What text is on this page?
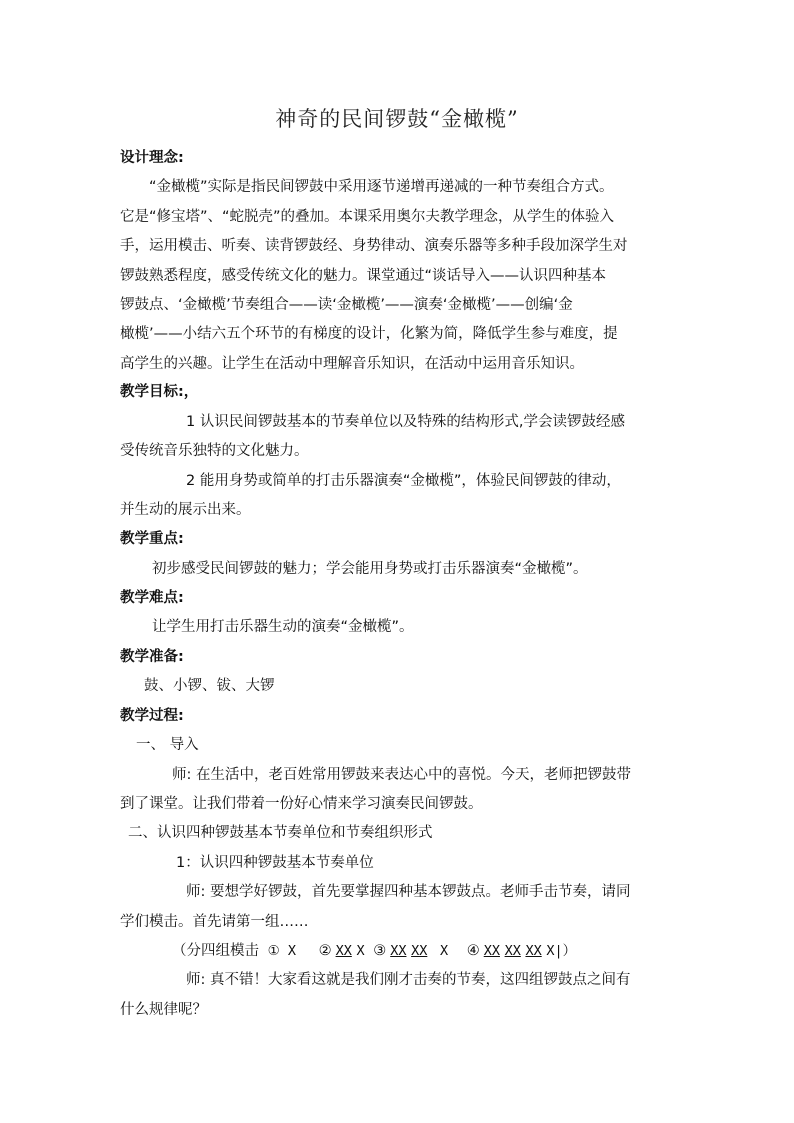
神奇的民间锣鼓“金橄榄”
设计理念:
“金橄榄”实际是指民间锣鼓中采用逐节递增再递减的一种节奏组合方式。
它是“修宝塔”、“蛇脱壳”的叠加。本课采用奥尔夫教学理念，从学生的体验入
手，运用模击、听奏、读背锣鼓经、身势律动、演奏乐器等多种手段加深学生对
锣鼓熟悉程度，感受传统文化的魅力。课堂通过“谈话导入——认识四种基本
锣鼓点、‘金橄榄’节奏组合——读‘金橄榄’——演奏‘金橄榄’——创编‘金
橄榄’——小结六五个环节的有梯度的设计，化繁为简，降低学生参与难度，提
高学生的兴趣。让学生在活动中理解音乐知识，在活动中运用音乐知识。
教学目标:，
1 认识民间锣鼓基本的节奏单位以及特殊的结构形式,学会读锣鼓经感
受传统音乐独特的文化魅力。
2 能用身势或简单的打击乐器演奏“金橄榄”，体验民间锣鼓的律动，
并生动的展示出来。
教学重点:
初步感受民间锣鼓的魅力；学会能用身势或打击乐器演奏“金橄榄”。
教学难点:
让学生用打击乐器生动的演奏“金橄榄”。
教学准备:
鼓、小锣、钹、大锣
教学过程:
一、 导入
师: 在生活中，老百姓常用锣鼓来表达心中的喜悦。今天，老师把锣鼓带
到了课堂。让我们带着一份好心情来学习演奏民间锣鼓。
二、认识四种锣鼓基本节奏单位和节奏组织形式
1：认识四种锣鼓基本节奏单位
师: 要想学好锣鼓，首先要掌握四种基本锣鼓点。老师手击节奏，请同
学们模击。首先请第一组……
（分四组模击 ① X ② XX X ③ XX XX X ④ XX XX XX X|）
师: 真不错！大家看这就是我们刚才击奏的节奏，这四组锣鼓点之间有
什么规律呢？
